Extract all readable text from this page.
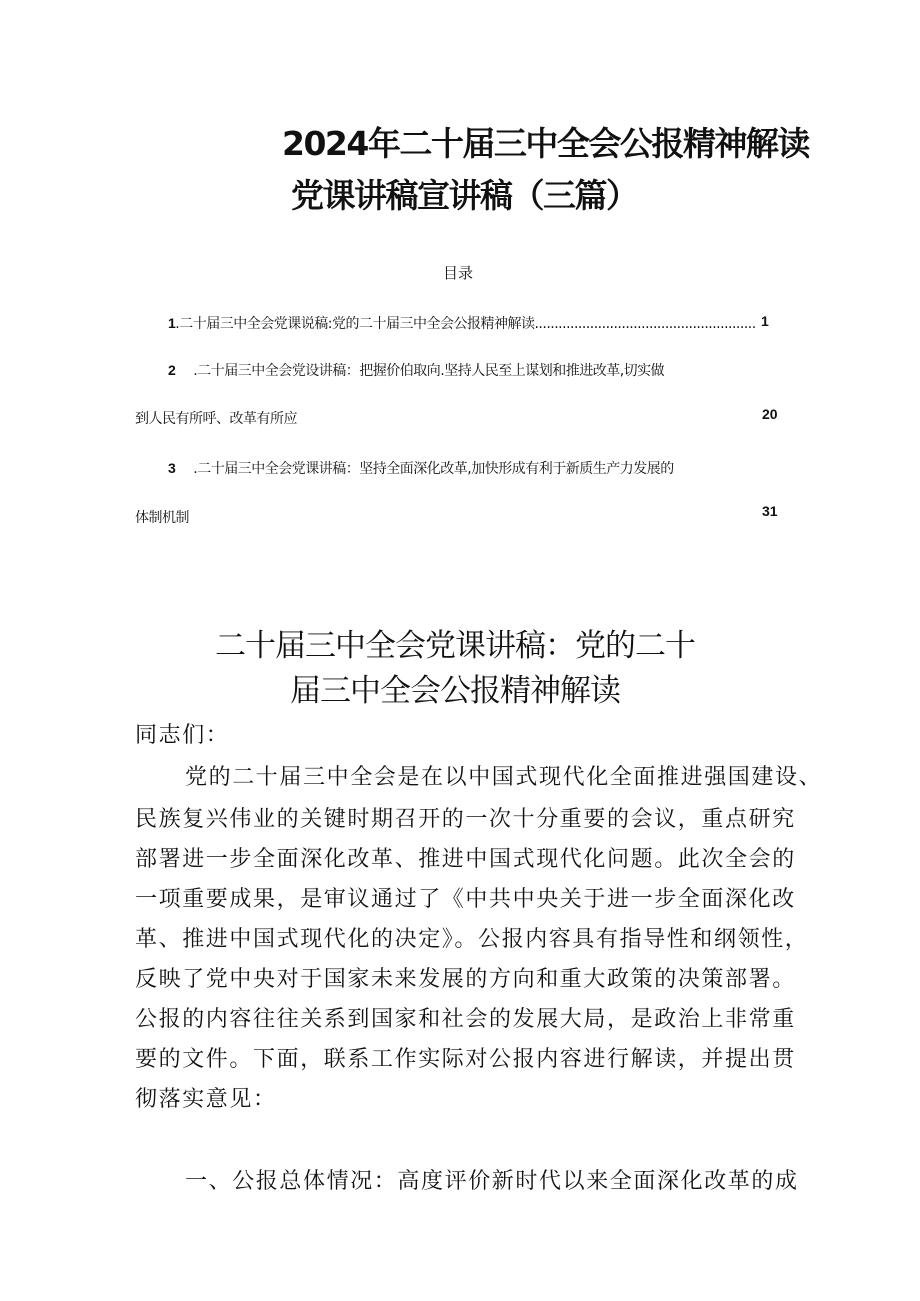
2024年二十届三中全会公报精神解读
党课讲稿宣讲稿（三篇）
目录
1.二十届三中全会党课说稿:党的二十届三中全会公报精神解读........................................................ 1
2 .二十届三中全会党设讲稿：把握价伯取向.坚持人民至上谋划和推进改革,切实做
到人民有所呼、改革有所应	20
3 .二十届三中全会党课讲稿：坚持全面深化改革,加快形成有利于新质生产力发展的
体制机制	31
二十届三中全会党课讲稿：党的二十
届三中全会公报精神解读
同志们：
党的二十届三中全会是在以中国式现代化全面推进强国建设、
民族复兴伟业的关键时期召开的一次十分重要的会议，重点研究
部署进一步全面深化改革、推进中国式现代化问题。此次全会的
一项重要成果，是审议通过了《中共中央关于进一步全面深化改
革、推进中国式现代化的决定》。公报内容具有指导性和纲领性，
反映了党中央对于国家未来发展的方向和重大政策的决策部署。
公报的内容往往关系到国家和社会的发展大局，是政治上非常重
要的文件。下面，联系工作实际对公报内容进行解读，并提出贯
彻落实意见：
一、公报总体情况：高度评价新时代以来全面深化改革的成
